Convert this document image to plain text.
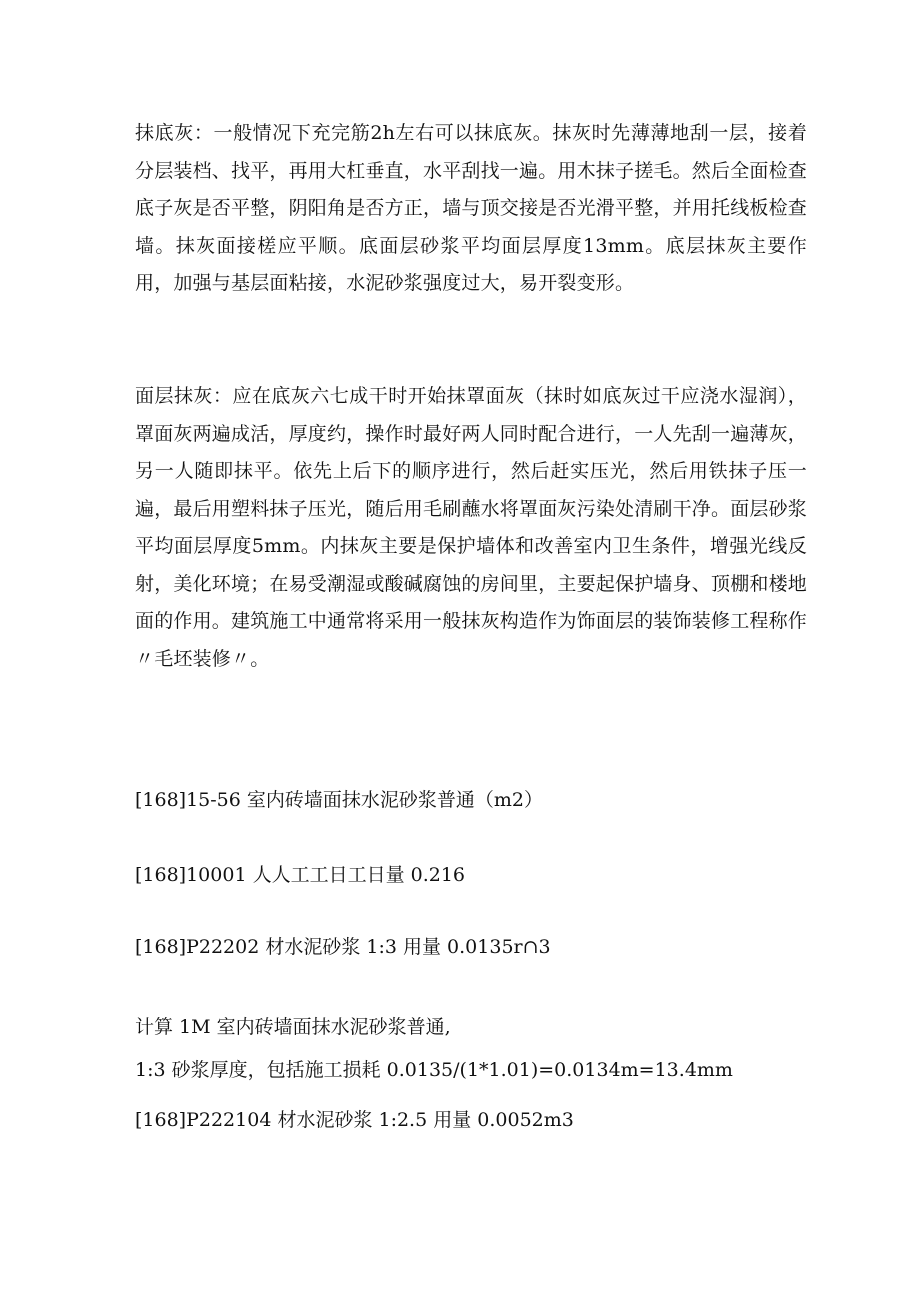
抹底灰：一般情况下充完筋2h左右可以抹底灰。抹灰时先薄薄地刮一层，接着分层装档、找平，再用大杠垂直，水平刮找一遍。用木抹子搓毛。然后全面检查底子灰是否平整，阴阳角是否方正，墙与顶交接是否光滑平整，并用托线板检查墙。抹灰面接槎应平顺。底面层砂浆平均面层厚度13mm。底层抹灰主要作用，加强与基层面粘接，水泥砂浆强度过大，易开裂变形。

面层抹灰：应在底灰六七成干时开始抹罩面灰（抹时如底灰过干应浇水湿润），罩面灰两遍成活，厚度约，操作时最好两人同时配合进行，一人先刮一遍薄灰，另一人随即抹平。依先上后下的顺序进行，然后赶实压光，然后用铁抹子压一遍，最后用塑料抹子压光，随后用毛刷蘸水将罩面灰污染处清刷干净。面层砂浆平均面层厚度5mm。内抹灰主要是保护墙体和改善室内卫生条件，增强光线反射，美化环境；在易受潮湿或酸碱腐蚀的房间里，主要起保护墙身、顶棚和楼地面的作用。建筑施工中通常将采用一般抹灰构造作为饰面层的装饰装修工程称作〃毛坯装修〃。

[168]15-56 室内砖墙面抹水泥砂浆普通（m2）

[168]10001 人人工工日工日量 0.216

[168]P22202 材水泥砂浆 1:3 用量 0.0135r∩3

计算 1M 室内砖墙面抹水泥砂浆普通,

1:3 砂浆厚度，包括施工损耗 0.0135/(1*1.01)=0.0134m=13.4mm

[168]P222104 材水泥砂浆 1:2.5 用量 0.0052m3
